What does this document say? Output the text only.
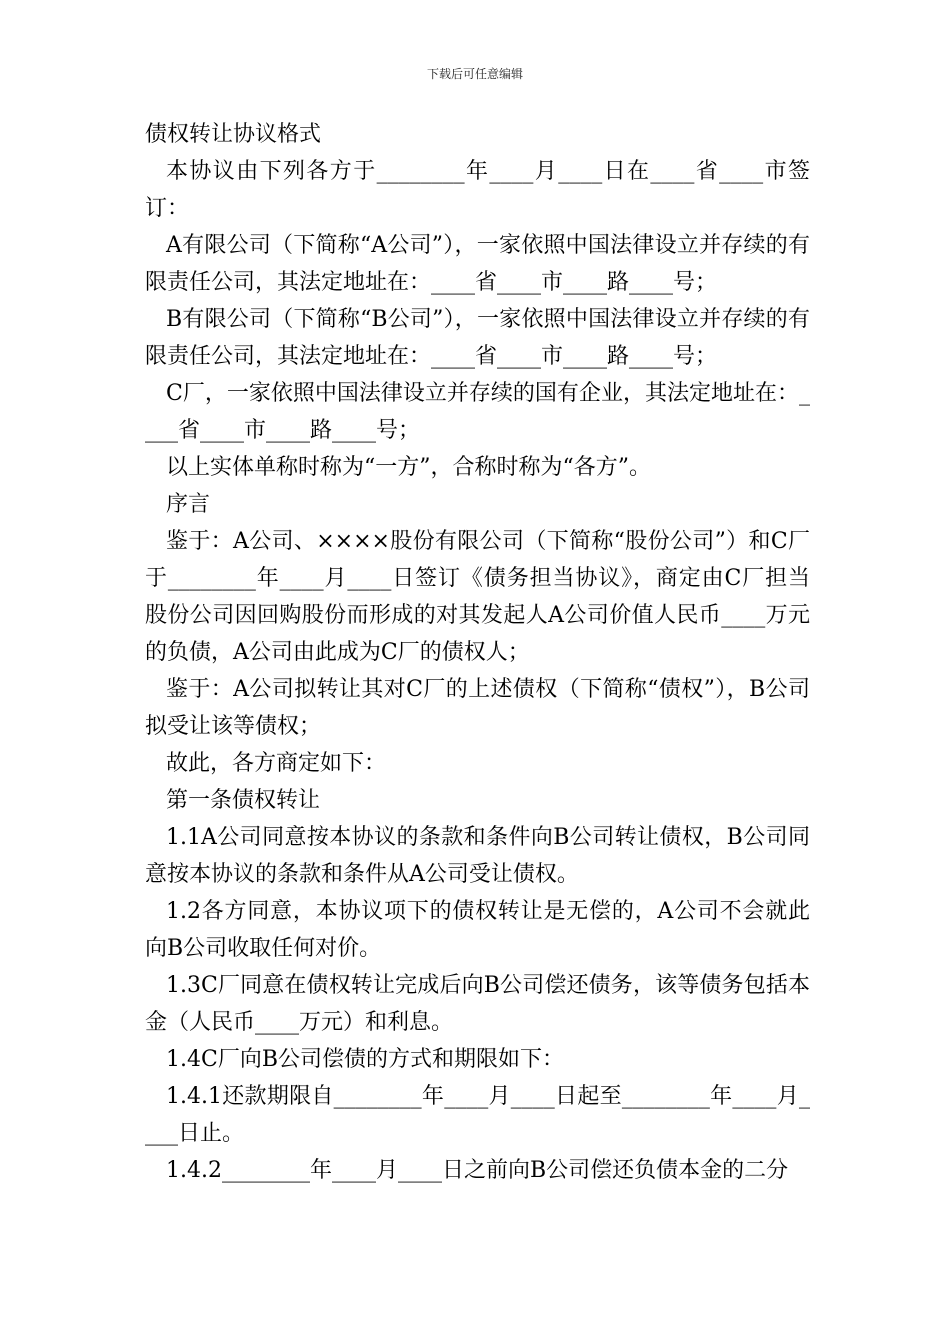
下载后可任意编辑
债权转让协议格式

本协议由下列各方于________年____月____日在____省____市签订：

A有限公司（下简称“A公司”），一家依照中国法律设立并存续的有限责任公司，其法定地址在：____省____市____路____号；

B有限公司（下简称“B公司”），一家依照中国法律设立并存续的有限责任公司，其法定地址在：____省____市____路____号；

C厂，一家依照中国法律设立并存续的国有企业，其法定地址在：____省____市____路____号；

以上实体单称时称为“一方”，合称时称为“各方”。

序言

鉴于：A公司、××××股份有限公司（下简称“股份公司”）和C厂于________年____月____日签订《债务担当协议》，商定由C厂担当股份公司因回购股份而形成的对其发起人A公司价值人民币____万元的负债，A公司由此成为C厂的债权人；

鉴于：A公司拟转让其对C厂的上述债权（下简称“债权”），B公司拟受让该等债权；

故此，各方商定如下：

第一条债权转让

1.1A公司同意按本协议的条款和条件向B公司转让债权，B公司同意按本协议的条款和条件从A公司受让债权。

1.2各方同意，本协议项下的债权转让是无偿的，A公司不会就此向B公司收取任何对价。

1.3C厂同意在债权转让完成后向B公司偿还债务，该等债务包括本金（人民币____万元）和利息。

1.4C厂向B公司偿债的方式和期限如下：

1.4.1还款期限自________年____月____日起至________年____月____日止。

1.4.2________年____月____日之前向B公司偿还负债本金的二分
